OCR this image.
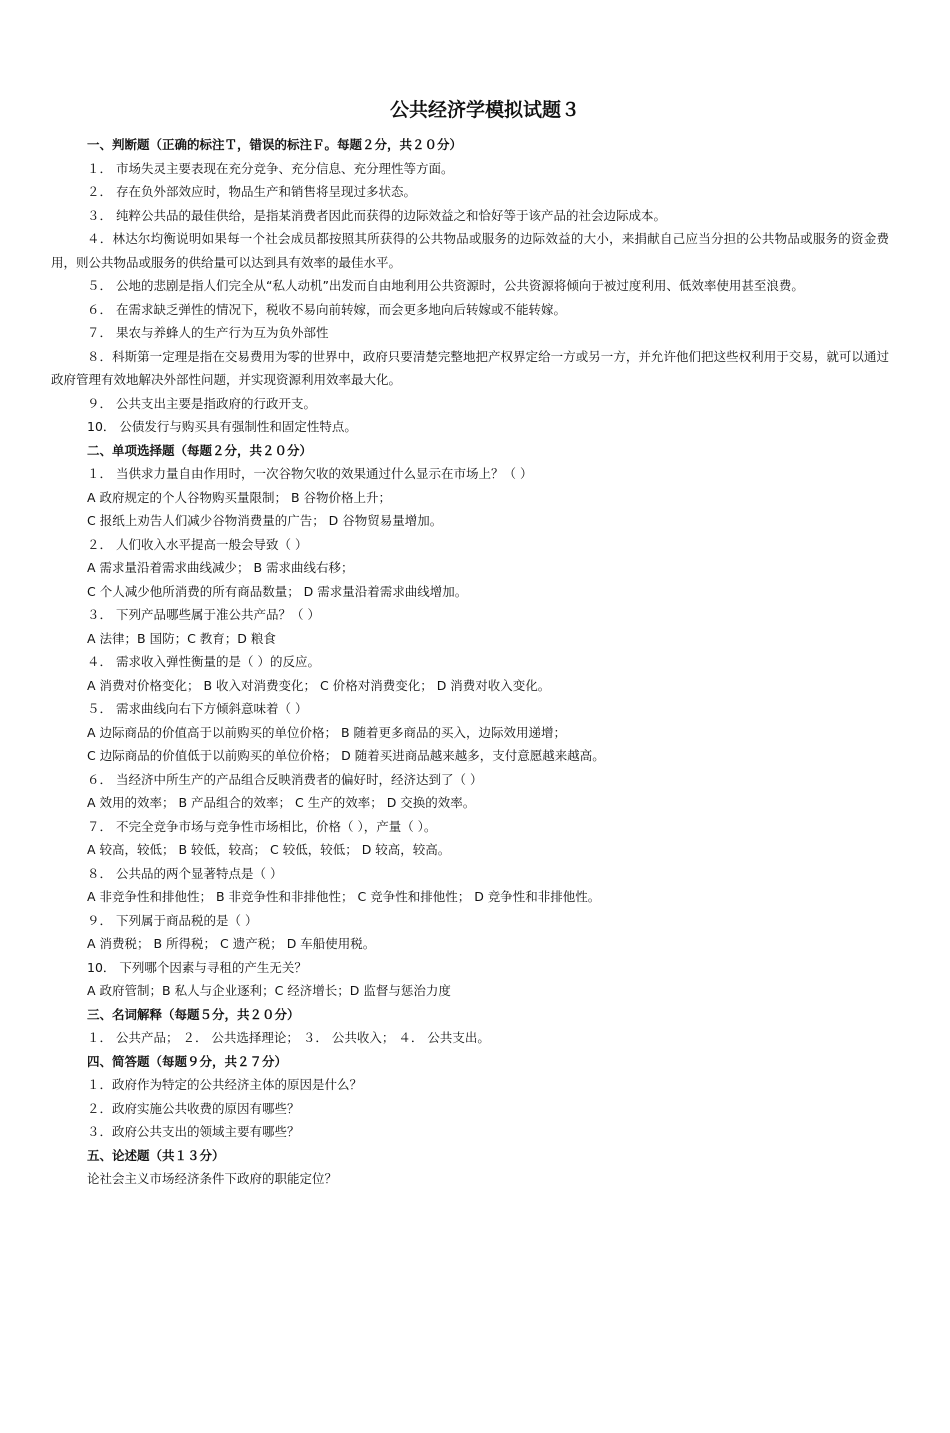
公共经济学模拟试题３
一、判断题（正确的标注Ｔ，错误的标注Ｆ。每题２分，共２０分）
１． 市场失灵主要表现在充分竞争、充分信息、充分理性等方面。
２． 存在负外部效应时，物品生产和销售将呈现过多状态。
３． 纯粹公共品的最佳供给，是指某消费者因此而获得的边际效益之和恰好等于该产品的社会边际成本。
４．林达尔均衡说明如果每一个社会成员都按照其所获得的公共物品或服务的边际效益的大小，来捐献自己应当分担的公共物品或服务的资金费用，则公共物品或服务的供给量可以达到具有效率的最佳水平。
５． 公地的悲剧是指人们完全从“私人动机”出发而自由地利用公共资源时，公共资源将倾向于被过度利用、低效率使用甚至浪费。
６． 在需求缺乏弹性的情况下，税收不易向前转嫁，而会更多地向后转嫁或不能转嫁。
７． 果农与养蜂人的生产行为互为负外部性
８．科斯第一定理是指在交易费用为零的世界中，政府只要清楚完整地把产权界定给一方或另一方，并允许他们把这些权利用于交易，就可以通过政府管理有效地解决外部性问题，并实现资源利用效率最大化。
９． 公共支出主要是指政府的行政开支。
10． 公债发行与购买具有强制性和固定性特点。
二、单项选择题（每题２分，共２０分）
１． 当供求力量自由作用时，一次谷物欠收的效果通过什么显示在市场上？（ ）
A 政府规定的个人谷物购买量限制； B 谷物价格上升；
C 报纸上劝告人们减少谷物消费量的广告； D 谷物贸易量增加。
２． 人们收入水平提高一般会导致（ ）
A 需求量沿着需求曲线减少； B 需求曲线右移；
C 个人减少他所消费的所有商品数量； D 需求量沿着需求曲线增加。
３． 下列产品哪些属于准公共产品？（ ）
A 法律；B 国防；C 教育；D 粮食
４． 需求收入弹性衡量的是（ ）的反应。
A 消费对价格变化； B 收入对消费变化； C 价格对消费变化； D 消费对收入变化。
５． 需求曲线向右下方倾斜意味着（ ）
A 边际商品的价值高于以前购买的单位价格； B 随着更多商品的买入，边际效用递增；
C 边际商品的价值低于以前购买的单位价格； D 随着买进商品越来越多，支付意愿越来越高。
６． 当经济中所生产的产品组合反映消费者的偏好时，经济达到了（ ）
A 效用的效率； B 产品组合的效率； C 生产的效率； D 交换的效率。
７． 不完全竞争市场与竞争性市场相比，价格（ ），产量（ ）。
A 较高，较低； B 较低，较高； C 较低，较低； D 较高，较高。
８． 公共品的两个显著特点是（ ）
A 非竞争性和排他性； B 非竞争性和非排他性； C 竞争性和排他性； D 竞争性和非排他性。
９． 下列属于商品税的是（ ）
A 消费税； B 所得税； C 遗产税； D 车船使用税。
10． 下列哪个因素与寻租的产生无关？
A 政府管制；B 私人与企业逐利；C 经济增长；D 监督与惩治力度
三、名词解释（每题５分，共２０分）
１． 公共产品； ２． 公共选择理论； ３． 公共收入； ４． 公共支出。
四、简答题（每题９分，共２７分）
１．政府作为特定的公共经济主体的原因是什么？
２．政府实施公共收费的原因有哪些？
３．政府公共支出的领域主要有哪些？
五、论述题（共１３分）
论社会主义市场经济条件下政府的职能定位？
